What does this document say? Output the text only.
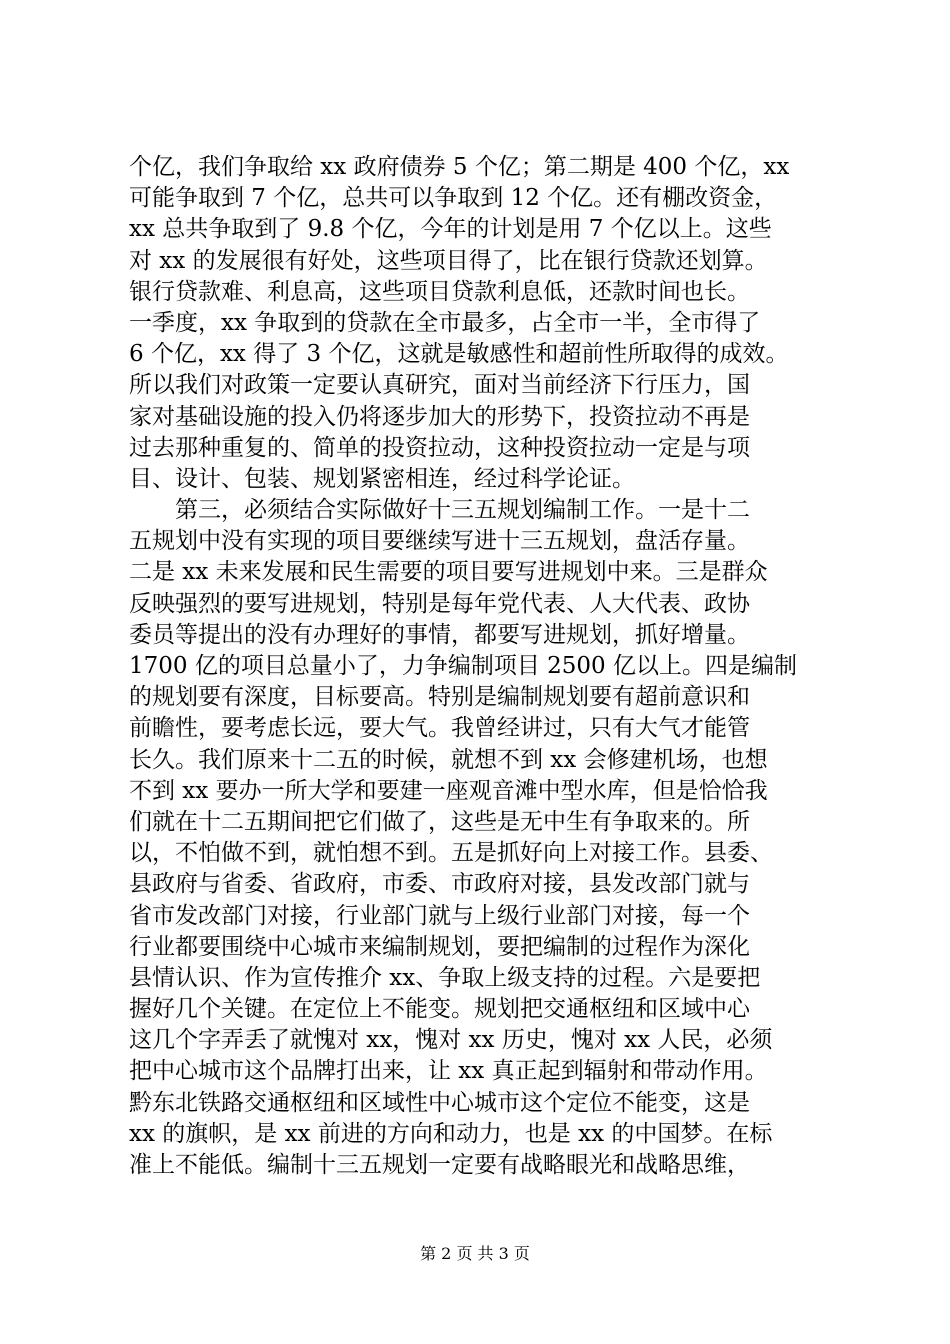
个亿，我们争取给 xx 政府债券 5 个亿；第二期是 400 个亿，xx
可能争取到 7 个亿，总共可以争取到 12 个亿。还有棚改资金，
xx 总共争取到了 9.8 个亿，今年的计划是用 7 个亿以上。这些
对 xx 的发展很有好处，这些项目得了，比在银行贷款还划算。
银行贷款难、利息高，这些项目贷款利息低，还款时间也长。
一季度，xx 争取到的贷款在全市最多，占全市一半，全市得了
6 个亿，xx 得了 3 个亿，这就是敏感性和超前性所取得的成效。
所以我们对政策一定要认真研究，面对当前经济下行压力，国
家对基础设施的投入仍将逐步加大的形势下，投资拉动不再是
过去那种重复的、简单的投资拉动，这种投资拉动一定是与项
目、设计、包装、规划紧密相连，经过科学论证。
第三，必须结合实际做好十三五规划编制工作。一是十二
五规划中没有实现的项目要继续写进十三五规划，盘活存量。
二是 xx 未来发展和民生需要的项目要写进规划中来。三是群众
反映强烈的要写进规划，特别是每年党代表、人大代表、政协
委员等提出的没有办理好的事情，都要写进规划，抓好增量。
1700 亿的项目总量小了，力争编制项目 2500 亿以上。四是编制
的规划要有深度，目标要高。特别是编制规划要有超前意识和
前瞻性，要考虑长远，要大气。我曾经讲过，只有大气才能管
长久。我们原来十二五的时候，就想不到 xx 会修建机场，也想
不到 xx 要办一所大学和要建一座观音滩中型水库，但是恰恰我
们就在十二五期间把它们做了，这些是无中生有争取来的。所
以，不怕做不到，就怕想不到。五是抓好向上对接工作。县委、
县政府与省委、省政府，市委、市政府对接，县发改部门就与
省市发改部门对接，行业部门就与上级行业部门对接，每一个
行业都要围绕中心城市来编制规划，要把编制的过程作为深化
县情认识、作为宣传推介 xx、争取上级支持的过程。六是要把
握好几个关键。在定位上不能变。规划把交通枢纽和区域中心
这几个字弄丢了就愧对 xx，愧对 xx 历史，愧对 xx 人民，必须
把中心城市这个品牌打出来，让 xx 真正起到辐射和带动作用。
黔东北铁路交通枢纽和区域性中心城市这个定位不能变，这是
xx 的旗帜，是 xx 前进的方向和动力，也是 xx 的中国梦。在标
准上不能低。编制十三五规划一定要有战略眼光和战略思维，
第 2 页 共 3 页
